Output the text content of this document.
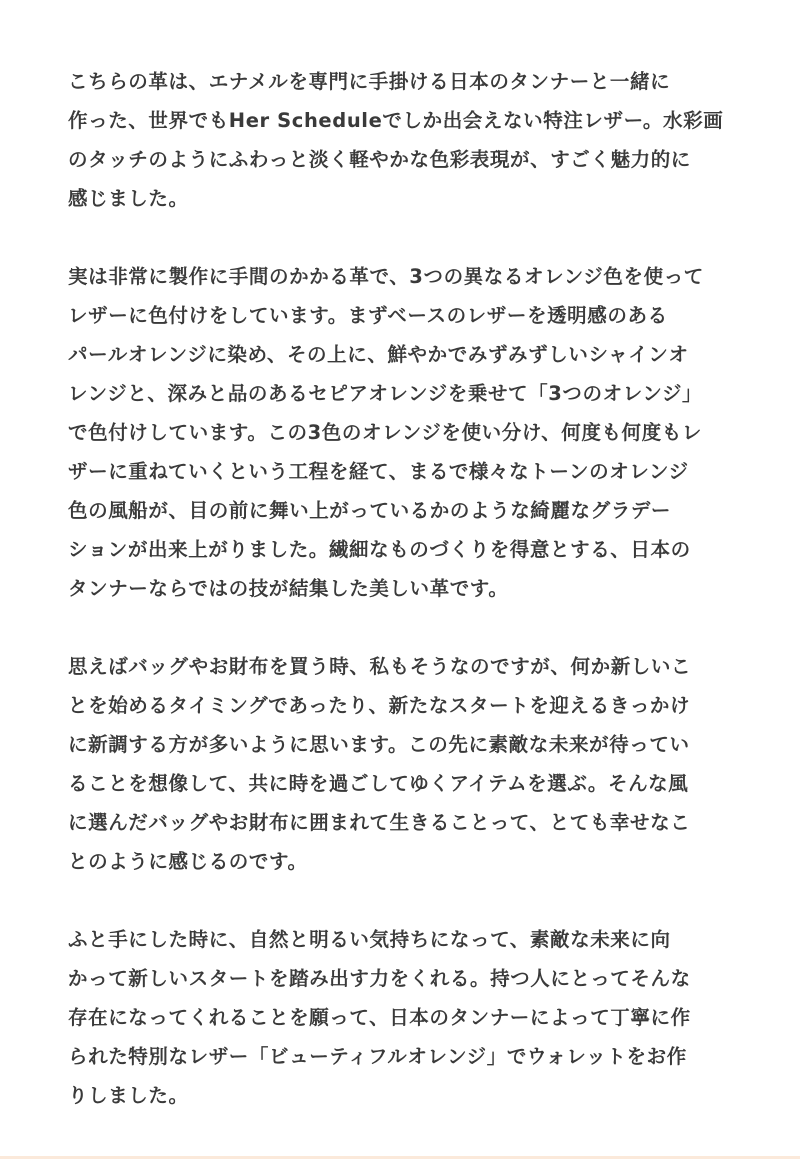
こちらの革は、エナメルを専門に手掛ける日本のタンナーと一緒に
作った、世界でもHer Scheduleでしか出会えない特注レザー。水彩画
のタッチのようにふわっと淡く軽やかな色彩表現が、すごく魅力的に
感じました。

実は非常に製作に手間のかかる革で、3つの異なるオレンジ色を使って
レザーに色付けをしています。まずベースのレザーを透明感のある
パールオレンジに染め、その上に、鮮やかでみずみずしいシャインオ
レンジと、深みと品のあるセピアオレンジを乗せて「3つのオレンジ」
で色付けしています。この3色のオレンジを使い分け、何度も何度もレ
ザーに重ねていくという工程を経て、まるで様々なトーンのオレンジ
色の風船が、目の前に舞い上がっているかのような綺麗なグラデー
ションが出来上がりました。繊細なものづくりを得意とする、日本の
タンナーならではの技が結集した美しい革です。

思えばバッグやお財布を買う時、私もそうなのですが、何か新しいこ
とを始めるタイミングであったり、新たなスタートを迎えるきっかけ
に新調する方が多いように思います。この先に素敵な未来が待ってい
ることを想像して、共に時を過ごしてゆくアイテムを選ぶ。そんな風
に選んだバッグやお財布に囲まれて生きることって、とても幸せなこ
とのように感じるのです。

ふと手にした時に、自然と明るい気持ちになって、素敵な未来に向
かって新しいスタートを踏み出す力をくれる。持つ人にとってそんな
存在になってくれることを願って、日本のタンナーによって丁寧に作
られた特別なレザー「ビューティフルオレンジ」でウォレットをお作
りしました。
